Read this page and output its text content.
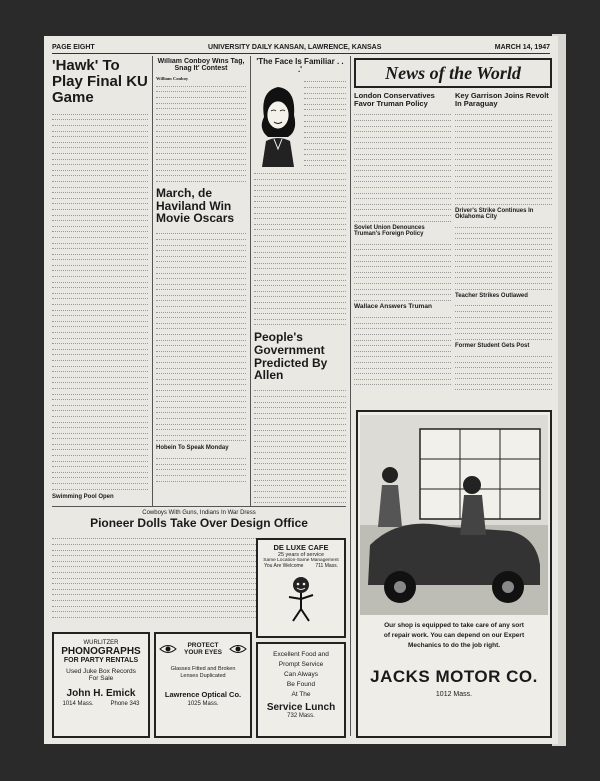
PAGE EIGHT	UNIVERSITY DAILY KANSAN, LAWRENCE, KANSAS	MARCH 14, 1947
'Hawk' To Play Final KU Game
Swimming Pool Open
William Conboy Wins Tag, Snag It' Contest
William Conboy
March, de Haviland Win Movie Oscars
Hobein To Speak Monday
'The Face Is Familiar . . .'
People's Government Predicted By Allen
News of the World
London Conservatives Favor Truman Policy
Soviet Union Denounces Truman's Foreign Policy
Wallace Answers Truman
Key Garrison Joins Revolt In Paraguay
Driver's Strike Continues In Oklahoma City
Teacher Strikes Outlawed
Former Student Gets Post
Cowboys With Guns, Indians In War Dress
Pioneer Dolls Take Over Design Office
WURLITZER
PHONOGRAPHS
FOR PARTY RENTALS
Used Juke Box Records
For Sale
John H. Emick
1014 Mass.	Phone 343
PROTECT
YOUR EYES
Glasses Fitted and Broken Lenses Duplicated
Lawrence Optical Co.
1025 Mass.
DE LUXE CAFE
25 years of service
Same Location-Same Management
You Are Welcome 711 Mass.
Excellent Food and
Prompt Service
Can Always
Be Found
At The
Service Lunch
732 Mass.
Our shop is equipped to take care of any sort
of repair work. You can depend on our Expert
Mechanics to do the job right.
JACKS MOTOR CO.
1012 Mass.
